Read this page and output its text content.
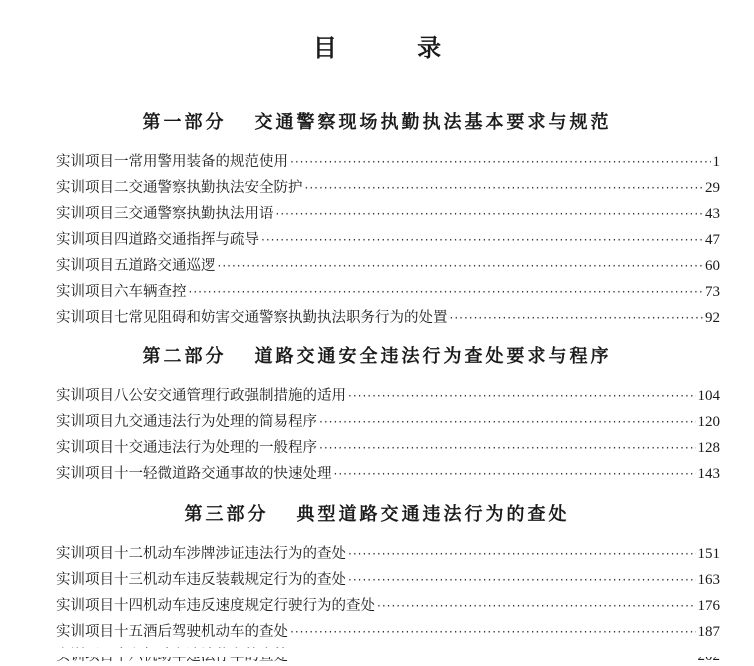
目 录
第一部分 交通警察现场执勤执法基本要求与规范
实训项目一 常用警用装备的规范使用 ·····	1
实训项目二 交通警察执勤执法安全防护 ·····	29
实训项目三 交通警察执勤执法用语 ·····	43
实训项目四 道路交通指挥与疏导 ·····	47
实训项目五 道路交通巡逻 ·····	60
实训项目六 车辆查控 ·····	73
实训项目七 常见阻碍和妨害交通警察执勤执法职务行为的处置 ·····	92
第二部分 道路交通安全违法行为查处要求与程序
实训项目八 公安交通管理行政强制措施的适用 ·····	104
实训项目九 交通违法行为处理的简易程序 ·····	120
实训项目十 交通违法行为处理的一般程序 ·····	128
实训项目十一 轻微道路交通事故的快速处理 ·····	143
第三部分 典型道路交通违法行为的查处
实训项目十二 机动车涉牌涉证违法行为的查处 ·····	151
实训项目十三 机动车违反装载规定行为的查处 ·····	163
实训项目十四 机动车违反速度规定行驶行为的查处 ·····	176
实训项目十五 酒后驾驶机动车的查处 ·····	187
·····
